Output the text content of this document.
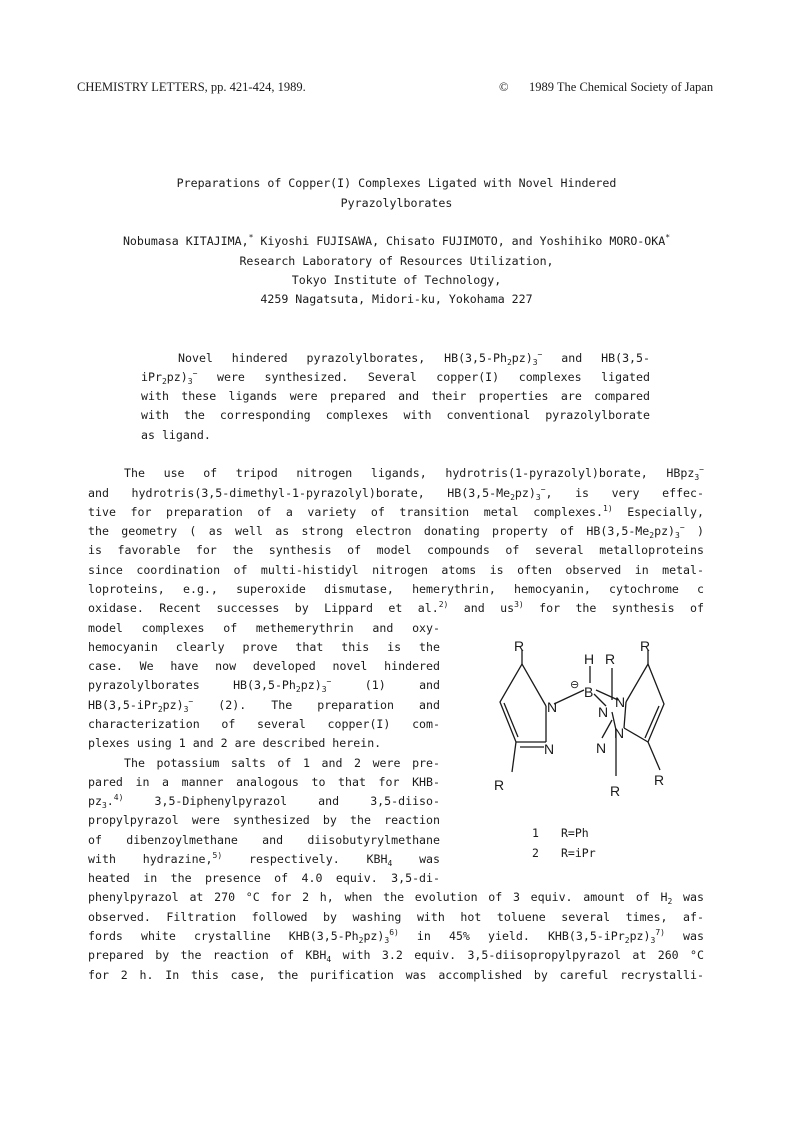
CHEMISTRY LETTERS, pp. 421-424, 1989.	© 1989 The Chemical Society of Japan
Preparations of Copper(I) Complexes Ligated with Novel Hindered
Pyrazolylborates
Nobumasa KITAJIMA,* Kiyoshi FUJISAWA, Chisato FUJIMOTO, and Yoshihiko MORO-OKA*
Research Laboratory of Resources Utilization,
Tokyo Institute of Technology,
4259 Nagatsuta, Midori-ku, Yokohama 227
Novel hindered pyrazolylborates, $HB(3,5-Ph_2pz)_3^-$ and HB(3,5-
$iPr_2pz)_3^-$ were synthesized. Several copper(I) complexes ligated
with these ligands were prepared and their properties are compared
with the corresponding complexes with conventional pyrazolylborate
as ligand.
The use of tripod nitrogen ligands, hydrotris(1-pyrazolyl)borate, HBpz$_3$−
and hydrotris(3,5-dimethyl-1-pyrazolyl)borate, $HB(3,5-Me_2pz)_3^-$, is very effec-
tive for preparation of a variety of transition metal complexes.$^{1)}$ Especially,
the geometry ( as well as strong electron donating property of $HB(3,5-Me_2pz)_3^-$ )
is favorable for the synthesis of model compounds of several metalloproteins
since coordination of multi-histidyl nitrogen atoms is often observed in metal-
loproteins, e.g., superoxide dismutase, hemerythrin, hemocyanin, cytochrome c
oxidase. Recent successes by Lippard et al.$^{2)}$ and $us^{3)}$ for the synthesis of
model complexes of methemerythrin and oxy-
hemocyanin clearly prove that this is the
case. We have now developed novel hindered
pyrazolylborates $HB(3,5-Ph_2pz)_3^-$ (1) and
$HB(3,5-iPr_2pz)_3^-$ (2). The preparation and
characterization of several copper(I) com-
plexes using 1 and 2 are described herein.
The potassium salts of 1 and 2 were pre-
pared in a manner analogous to that for KHB-
$pz_3.^{4)}$ 3,5-Diphenylpyrazol and 3,5-diiso-
propylpyrazol were synthesized by the reaction
of dibenzoylmethane and diisobutyrylmethane
with hydrazine,$^{5)}$ respectively. $KBH_4$ was
heated in the presence of 4.0 equiv. 3,5-di-
phenylpyrazol at 270 °C for 2 h, when the evolution of 3 equiv. amount of $H_2$ was
observed. Filtration followed by washing with hot toluene several times, af-
fords white crystalline $KHB(3,5-Ph_2pz)_3^{6)}$ in 45% yield. $KHB(3,5-iPr_2pz)_3^{7)}$ was
prepared by the reaction of $KBH_4$ with 3.2 equiv. 3,5-diisopropylpyrazol at 260 °C
for 2 h. In this case, the purification was accomplished by careful recrystalli-
R	R
R
R	R
R
H
B
⊖
N
N
N
N
N
N
1 R=Ph
2 R=iPr
